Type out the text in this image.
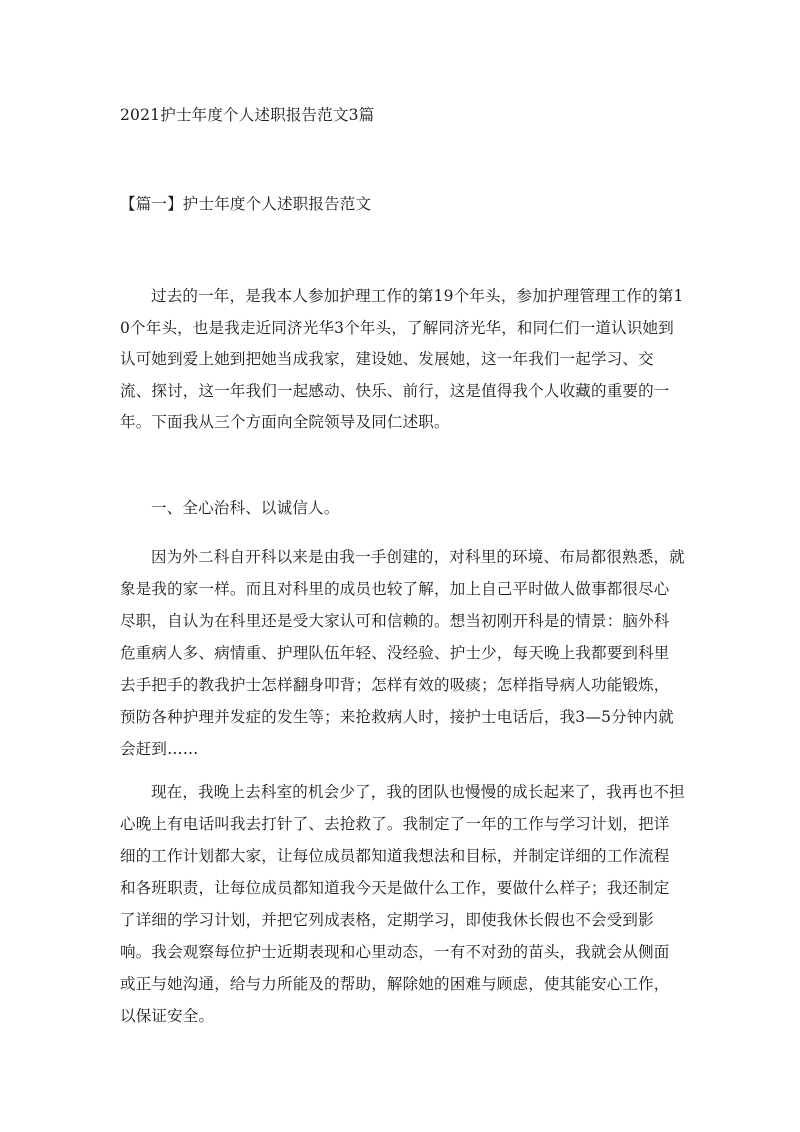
2021护士年度个人述职报告范文3篇

【篇一】护士年度个人述职报告范文

过去的一年，是我本人参加护理工作的第19个年头，参加护理管理工作的第10个年头，也是我走近同济光华3个年头，了解同济光华，和同仁们一道认识她到认可她到爱上她到把她当成我家，建设她、发展她，这一年我们一起学习、交流、探讨，这一年我们一起感动、快乐、前行，这是值得我个人收藏的重要的一年。下面我从三个方面向全院领导及同仁述职。

一、全心治科、以诚信人。

因为外二科自开科以来是由我一手创建的，对科里的环境、布局都很熟悉，就象是我的家一样。而且对科里的成员也较了解，加上自己平时做人做事都很尽心尽职，自认为在科里还是受大家认可和信赖的。想当初刚开科是的情景：脑外科危重病人多、病情重、护理队伍年轻、没经验、护士少，每天晚上我都要到科里去手把手的教我护士怎样翻身叩背；怎样有效的吸痰；怎样指导病人功能锻炼，预防各种护理并发症的发生等；来抢救病人时，接护士电话后，我3—5分钟内就会赶到……

现在，我晚上去科室的机会少了，我的团队也慢慢的成长起来了，我再也不担心晚上有电话叫我去打针了、去抢救了。我制定了一年的工作与学习计划，把详细的工作计划都大家，让每位成员都知道我想法和目标，并制定详细的工作流程和各班职责，让每位成员都知道我今天是做什么工作，要做什么样子；我还制定了详细的学习计划，并把它列成表格，定期学习，即使我休长假也不会受到影响。我会观察每位护士近期表现和心里动态，一有不对劲的苗头，我就会从侧面或正与她沟通，给与力所能及的帮助，解除她的困难与顾虑，使其能安心工作，以保证安全。
